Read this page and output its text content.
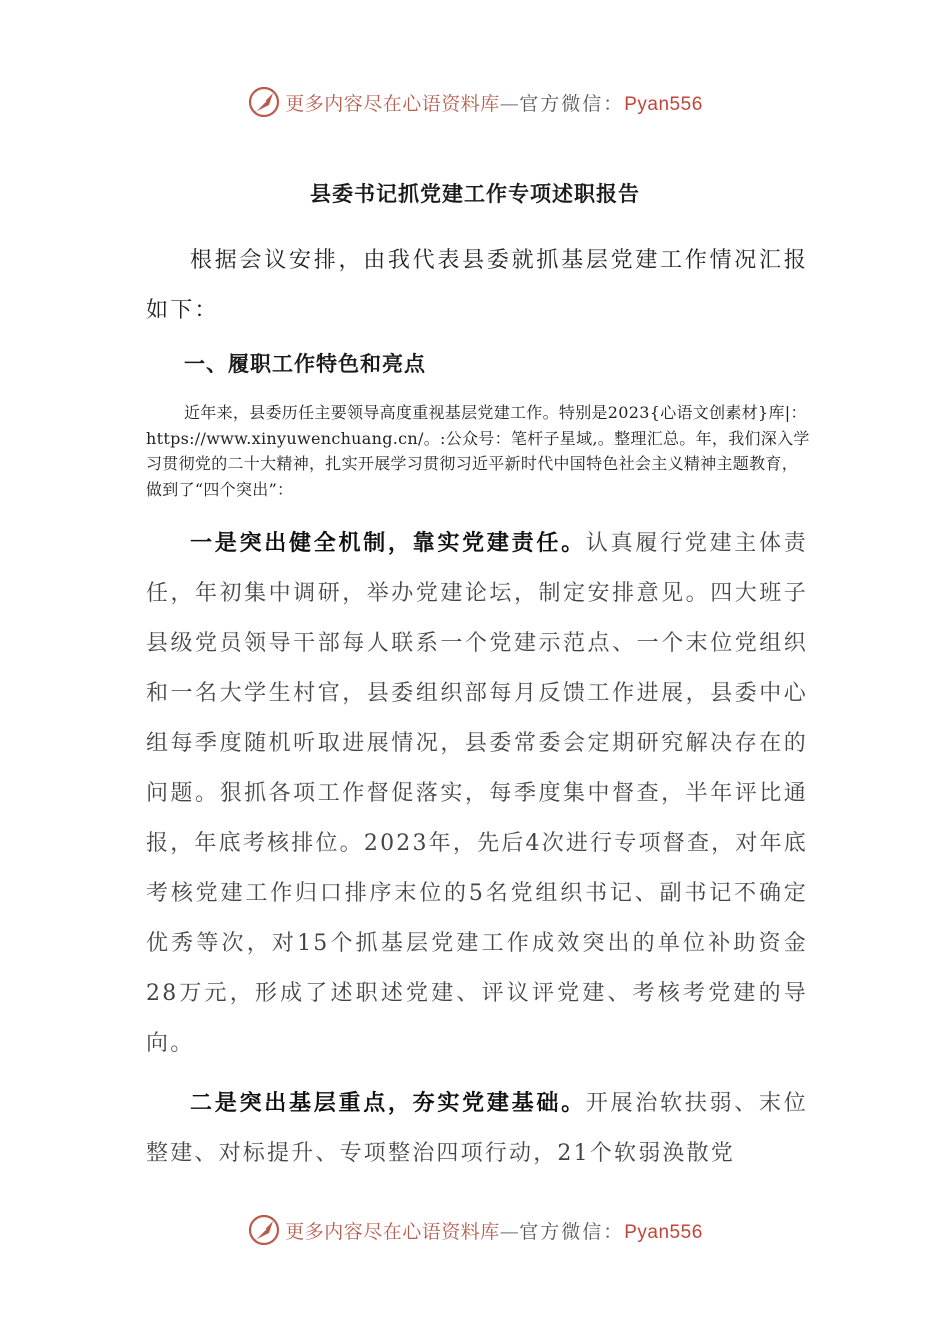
更多内容尽在心语资料库—官方微信：Pyan556
县委书记抓党建工作专项述职报告

根据会议安排，由我代表县委就抓基层党建工作情况汇报如下：

一、履职工作特色和亮点

近年来，县委历任主要领导高度重视基层党建工作。特别是2023{心语文创素材}库|：https://www.xinyuwenchuang.cn/。:公众号：笔杆子星域,。整理汇总。年，我们深入学习贯彻党的二十大精神，扎实开展学习贯彻习近平新时代中国特色社会主义精神主题教育，做到了“四个突出”：

一是突出健全机制，靠实党建责任。认真履行党建主体责任，年初集中调研，举办党建论坛，制定安排意见。四大班子县级党员领导干部每人联系一个党建示范点、一个末位党组织和一名大学生村官，县委组织部每月反馈工作进展，县委中心组每季度随机听取进展情况，县委常委会定期研究解决存在的问题。狠抓各项工作督促落实，每季度集中督查，半年评比通报，年底考核排位。2023年，先后4次进行专项督查，对年底考核党建工作归口排序末位的5名党组织书记、副书记不确定优秀等次，对15个抓基层党建工作成效突出的单位补助资金28万元，形成了述职述党建、评议评党建、考核考党建的导向。

二是突出基层重点，夯实党建基础。开展治软扶弱、末位整建、对标提升、专项整治四项行动，21个软弱涣散党

更多内容尽在心语资料库—官方微信：Pyan556
